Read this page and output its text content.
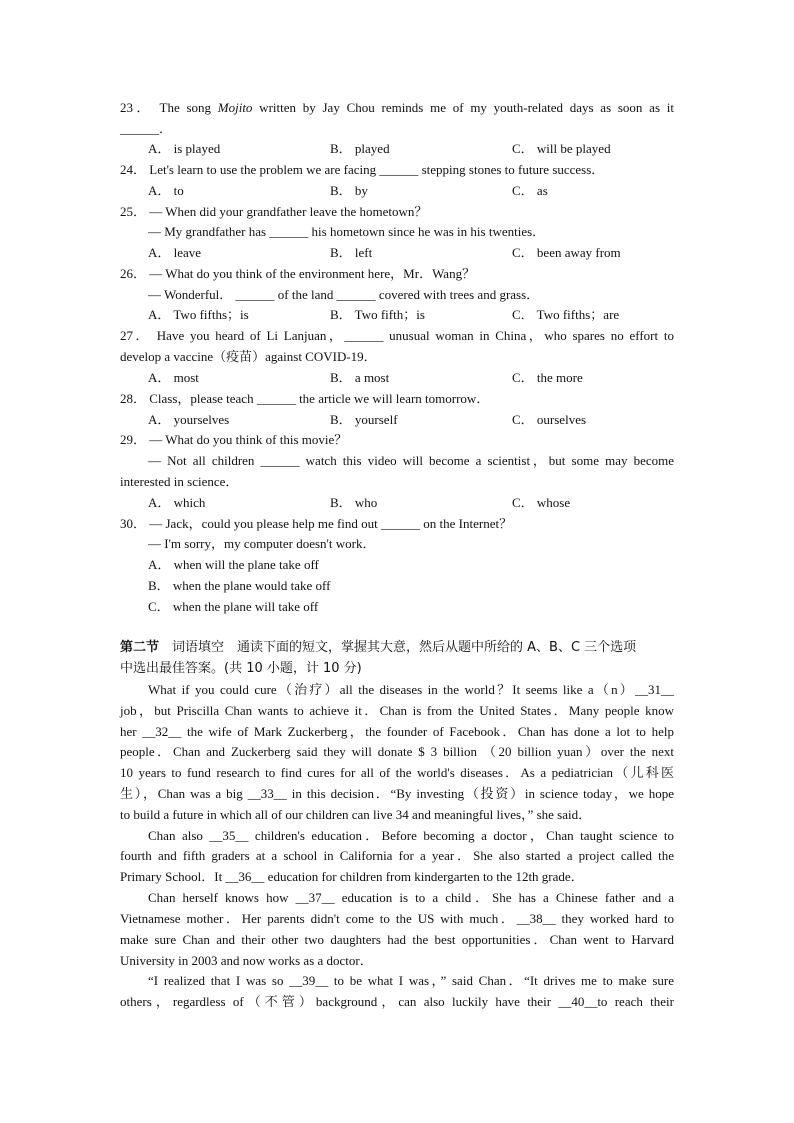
23． The song Mojito written by Jay Chou reminds me of my youth-related days as soon as it
______．
A． is played	B． played	C． will be played
24． Let's learn to use the problem we are facing ______ stepping stones to future success．
A． to	B． by	C． as
25． — When did your grandfather leave the hometown？
— My grandfather has ______ his hometown since he was in his twenties．
A． leave	B． left	C． been away from
26． — What do you think of the environment here，Mr．Wang？
— Wonderful． ______ of the land ______ covered with trees and grass．
A． Two fifths；is	B． Two fifth；is	C． Two fifths；are
27． Have you heard of Li Lanjuan，______ unusual woman in China，who spares no effort to
develop a vaccine（疫苗）against COVID-19．
A． most	B． a most	C． the more
28． Class，please teach ______ the article we will learn tomorrow．
A． yourselves	B． yourself	C． ourselves
29． — What do you think of this movie？
— Not all children ______ watch this video will become a scientist，but some may become
interested in science．
A． which	B． who	C． whose
30． — Jack，could you please help me find out ______ on the Internet？
— I'm sorry，my computer doesn't work．
A． when will the plane take off
B． when the plane would take off
C． when the plane will take off
第二节　 词语填空　通读下面的短文，掌握其大意，然后从题中所给的 A、B、C 三个选项
中选出最佳答案。(共 10 小题，计 10 分)
What if you could cure（治疗）all the diseases in the world？It seems like a（n）__31__
job，but Priscilla Chan wants to achieve it．Chan is from the United States．Many people know
her __32__ the wife of Mark Zuckerberg，the founder of Facebook．Chan has done a lot to help
people．Chan and Zuckerberg said they will donate $ 3 billion （20 billion yuan）over the next
10 years to fund research to find cures for all of the world's diseases．As a pediatrician（儿科医
生），Chan was a big __33__ in this decision．“By investing（投资）in science today，we hope
to build a future in which all of our children can live 34 and meaningful lives，” she said．
Chan also __35__ children's education．Before becoming a doctor，Chan taught science to
fourth and fifth graders at a school in California for a year．She also started a project called the
Primary School．It __36__ education for children from kindergarten to the 12th grade．
Chan herself knows how __37__ education is to a child．She has a Chinese father and a
Vietnamese mother．Her parents didn't come to the US with much．__38__ they worked hard to
make sure Chan and their other two daughters had the best opportunities．Chan went to Harvard
University in 2003 and now works as a doctor．
“I realized that I was so __39__ to be what I was，” said Chan．“It drives me to make sure
others，regardless of（不管）background，can also luckily have their __40__to reach their
